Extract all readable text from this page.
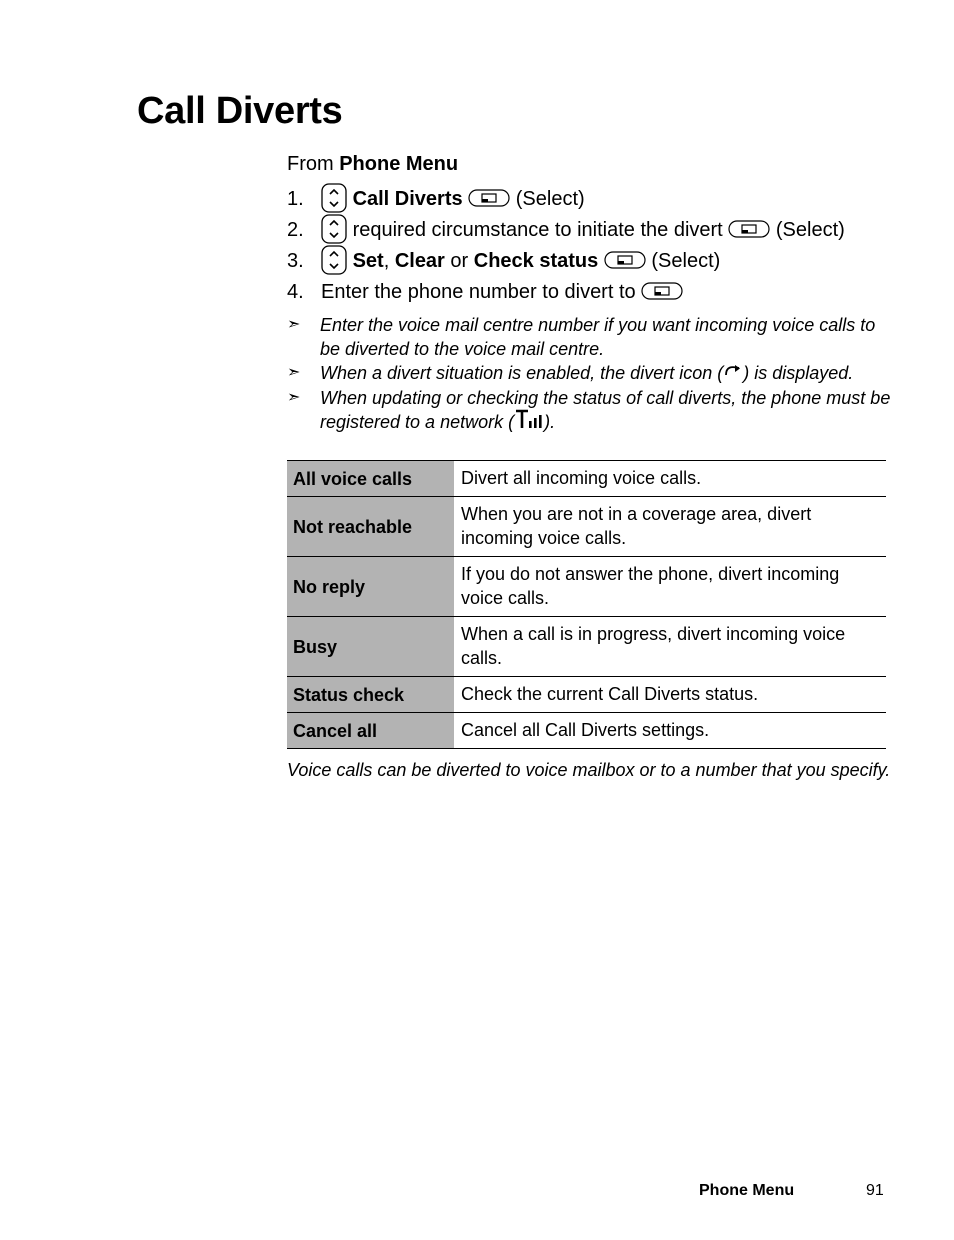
Call Diverts
From Phone Menu
1.	Call Diverts	(Select)
2.	required circumstance to initiate the divert	(Select)
3.	Set, Clear or Check status	(Select)
4. Enter the phone number to divert to
➣ Enter the voice mail centre number if you want incoming voice calls to be diverted to the voice mail centre.
➣ When a divert situation is enabled, the divert icon ( ) is displayed.
➣ When updating or checking the status of call diverts, the phone must be registered to a network ( ).
All voice calls	Divert all incoming voice calls.
Not reachable	When you are not in a coverage area, divert incoming voice calls.
No reply	If you do not answer the phone, divert incoming voice calls.
Busy	When a call is in progress, divert incoming voice calls.
Status check	Check the current Call Diverts status.
Cancel all	Cancel all Call Diverts settings.
Voice calls can be diverted to voice mailbox or to a number that you specify.
Phone Menu	91
